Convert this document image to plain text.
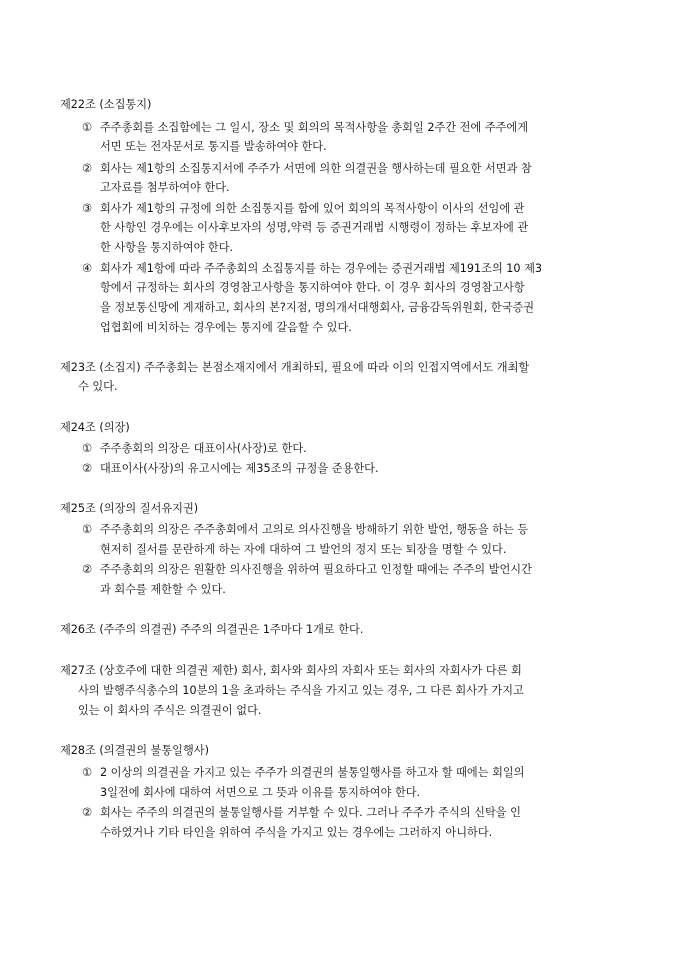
제22조 (소집통지)
① 주주총회를 소집함에는 그 일시, 장소 및 회의의 목적사항을 총회일 2주간 전에 주주에게
서면 또는 전자문서로 통지를 발송하여야 한다.
② 회사는 제1항의 소집통지서에 주주가 서면에 의한 의결권을 행사하는데 필요한 서면과 참
고자료를 첨부하여야 한다.
③ 회사가 제1항의 규정에 의한 소집통지를 함에 있어 회의의 목적사항이 이사의 선임에 관
한 사항인 경우에는 이사후보자의 성명,약력 등 증권거래법 시행령이 정하는 후보자에 관
한 사항을 통지하여야 한다.
④ 회사가 제1항에 따라 주주총회의 소집통지를 하는 경우에는 증권거래법 제191조의 10 제3
항에서 규정하는 회사의 경영참고사항을 통지하여야 한다. 이 경우 회사의 경영참고사항
을 정보통신망에 게재하고, 회사의 본?지점, 명의개서대행회사, 금융감독위원회, 한국증권
업협회에 비치하는 경우에는 통지에 갈음할 수 있다.
제23조 (소집지) 주주총회는 본점소재지에서 개최하되, 필요에 따라 이의 인접지역에서도 개최할
수 있다.
제24조 (의장)
① 주주총회의 의장은 대표이사(사장)로 한다.
② 대표이사(사장)의 유고시에는 제35조의 규정을 준용한다.
제25조 (의장의 질서유지권)
① 주주총회의 의장은 주주총회에서 고의로 의사진행을 방해하기 위한 발언, 행동을 하는 등
현저히 질서를 문란하게 하는 자에 대하여 그 발언의 정지 또는 퇴장을 명할 수 있다.
② 주주총회의 의장은 원활한 의사진행을 위하여 필요하다고 인정할 때에는 주주의 발언시간
과 회수를 제한할 수 있다.
제26조 (주주의 의결권) 주주의 의결권은 1주마다 1개로 한다.
제27조 (상호주에 대한 의결권 제한) 회사, 회사와 회사의 자회사 또는 회사의 자회사가 다른 회
사의 발행주식총수의 10분의 1을 초과하는 주식을 가지고 있는 경우, 그 다른 회사가 가지고
있는 이 회사의 주식은 의결권이 없다.
제28조 (의결권의 불통일행사)
① 2 이상의 의결권을 가지고 있는 주주가 의결권의 불통일행사를 하고자 할 때에는 회일의
3일전에 회사에 대하여 서면으로 그 뜻과 이유를 통지하여야 한다.
② 회사는 주주의 의결권의 불통일행사를 거부할 수 있다. 그러나 주주가 주식의 신탁을 인
수하였거나 기타 타인을 위하여 주식을 가지고 있는 경우에는 그러하지 아니하다.
